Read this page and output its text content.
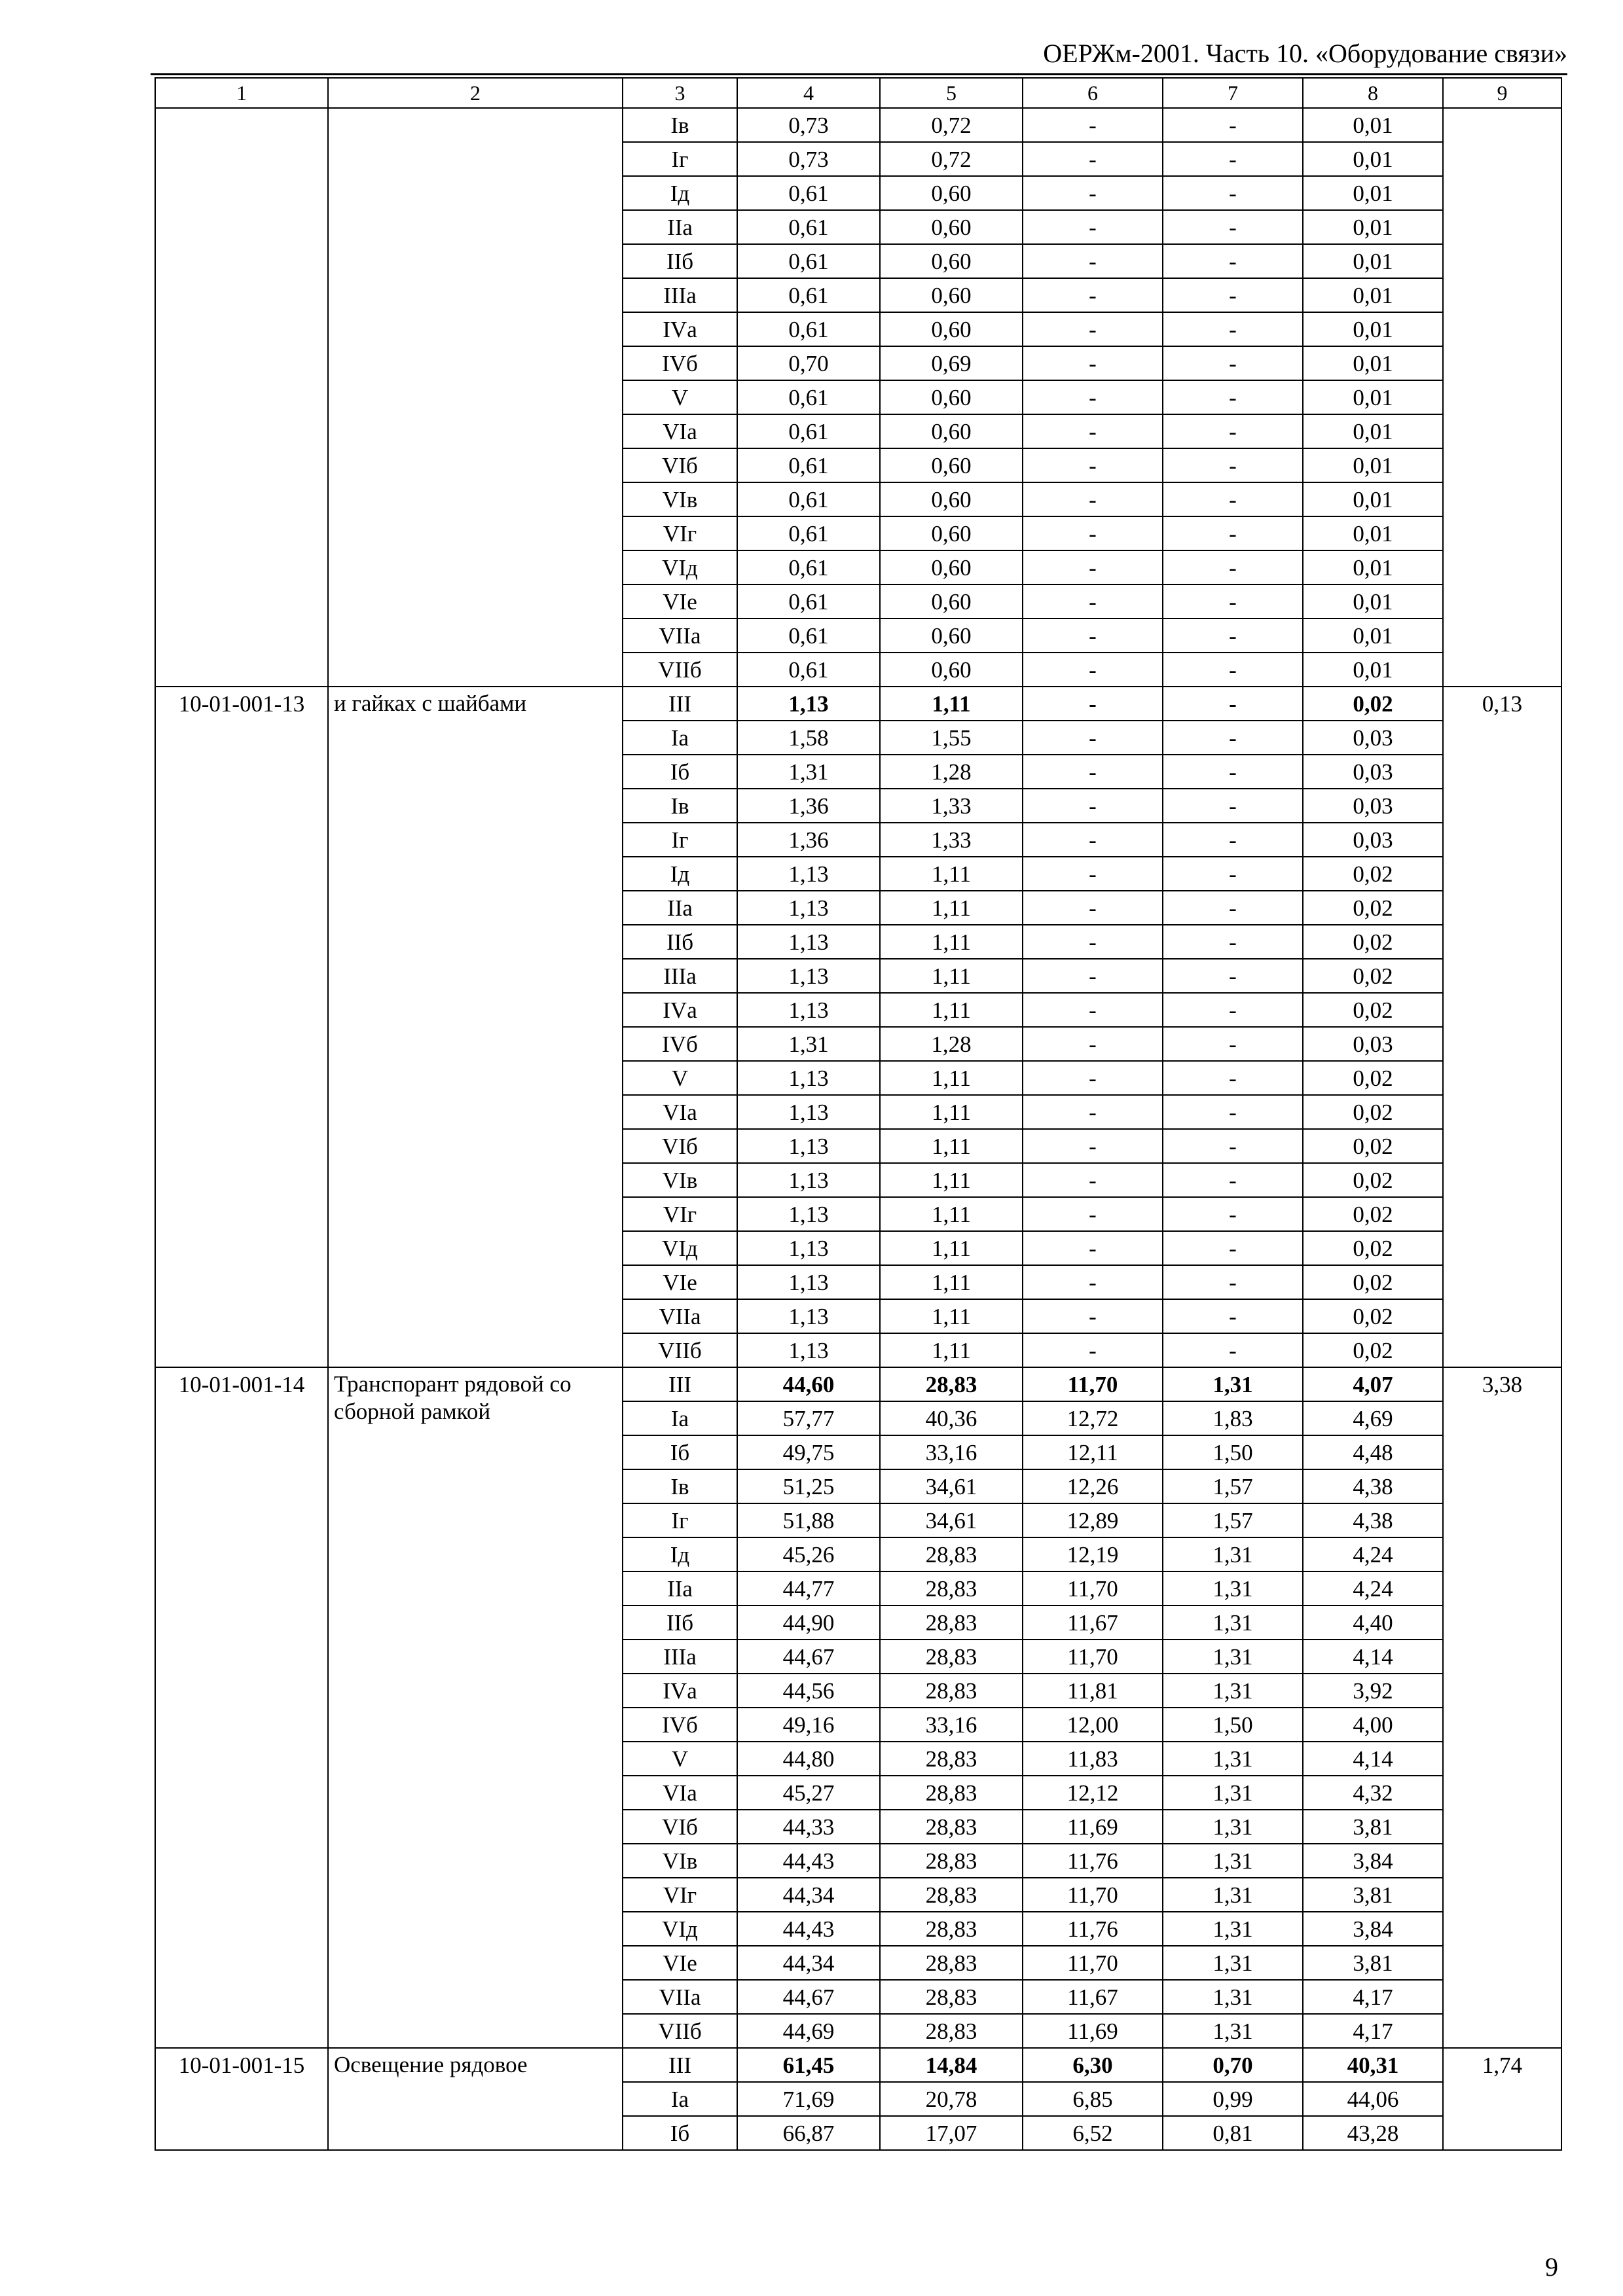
ОЕРЖм-2001. Часть 10. «Оборудование связи»
1	2	3	4	5	6	7	8	9
		Iв	0,73	0,72	-	-	0,01	
		Iг	0,73	0,72	-	-	0,01	
		Iд	0,61	0,60	-	-	0,01	
		IIа	0,61	0,60	-	-	0,01	
		IIб	0,61	0,60	-	-	0,01	
		IIIа	0,61	0,60	-	-	0,01	
		IVа	0,61	0,60	-	-	0,01	
		IVб	0,70	0,69	-	-	0,01	
		V	0,61	0,60	-	-	0,01	
		VIа	0,61	0,60	-	-	0,01	
		VIб	0,61	0,60	-	-	0,01	
		VIв	0,61	0,60	-	-	0,01	
		VIг	0,61	0,60	-	-	0,01	
		VIд	0,61	0,60	-	-	0,01	
		VIе	0,61	0,60	-	-	0,01	
		VIIа	0,61	0,60	-	-	0,01	
		VIIб	0,61	0,60	-	-	0,01	
10-01-001-13	и гайках с шайбами	III	1,13	1,11	-	-	0,02	0,13
		Iа	1,58	1,55	-	-	0,03	
		Iб	1,31	1,28	-	-	0,03	
		Iв	1,36	1,33	-	-	0,03	
		Iг	1,36	1,33	-	-	0,03	
		Iд	1,13	1,11	-	-	0,02	
		IIа	1,13	1,11	-	-	0,02	
		IIб	1,13	1,11	-	-	0,02	
		IIIа	1,13	1,11	-	-	0,02	
		IVа	1,13	1,11	-	-	0,02	
		IVб	1,31	1,28	-	-	0,03	
		V	1,13	1,11	-	-	0,02	
		VIа	1,13	1,11	-	-	0,02	
		VIб	1,13	1,11	-	-	0,02	
		VIв	1,13	1,11	-	-	0,02	
		VIг	1,13	1,11	-	-	0,02	
		VIд	1,13	1,11	-	-	0,02	
		VIе	1,13	1,11	-	-	0,02	
		VIIа	1,13	1,11	-	-	0,02	
		VIIб	1,13	1,11	-	-	0,02	
10-01-001-14	Транспорант рядовой со сборной рамкой	III	44,60	28,83	11,70	1,31	4,07	3,38
		Iа	57,77	40,36	12,72	1,83	4,69	
		Iб	49,75	33,16	12,11	1,50	4,48	
		Iв	51,25	34,61	12,26	1,57	4,38	
		Iг	51,88	34,61	12,89	1,57	4,38	
		Iд	45,26	28,83	12,19	1,31	4,24	
		IIа	44,77	28,83	11,70	1,31	4,24	
		IIб	44,90	28,83	11,67	1,31	4,40	
		IIIа	44,67	28,83	11,70	1,31	4,14	
		IVа	44,56	28,83	11,81	1,31	3,92	
		IVб	49,16	33,16	12,00	1,50	4,00	
		V	44,80	28,83	11,83	1,31	4,14	
		VIа	45,27	28,83	12,12	1,31	4,32	
		VIб	44,33	28,83	11,69	1,31	3,81	
		VIв	44,43	28,83	11,76	1,31	3,84	
		VIг	44,34	28,83	11,70	1,31	3,81	
		VIд	44,43	28,83	11,76	1,31	3,84	
		VIе	44,34	28,83	11,70	1,31	3,81	
		VIIа	44,67	28,83	11,67	1,31	4,17	
		VIIб	44,69	28,83	11,69	1,31	4,17	
10-01-001-15	Освещение рядовое	III	61,45	14,84	6,30	0,70	40,31	1,74
		Iа	71,69	20,78	6,85	0,99	44,06	
		Iб	66,87	17,07	6,52	0,81	43,28	
9
